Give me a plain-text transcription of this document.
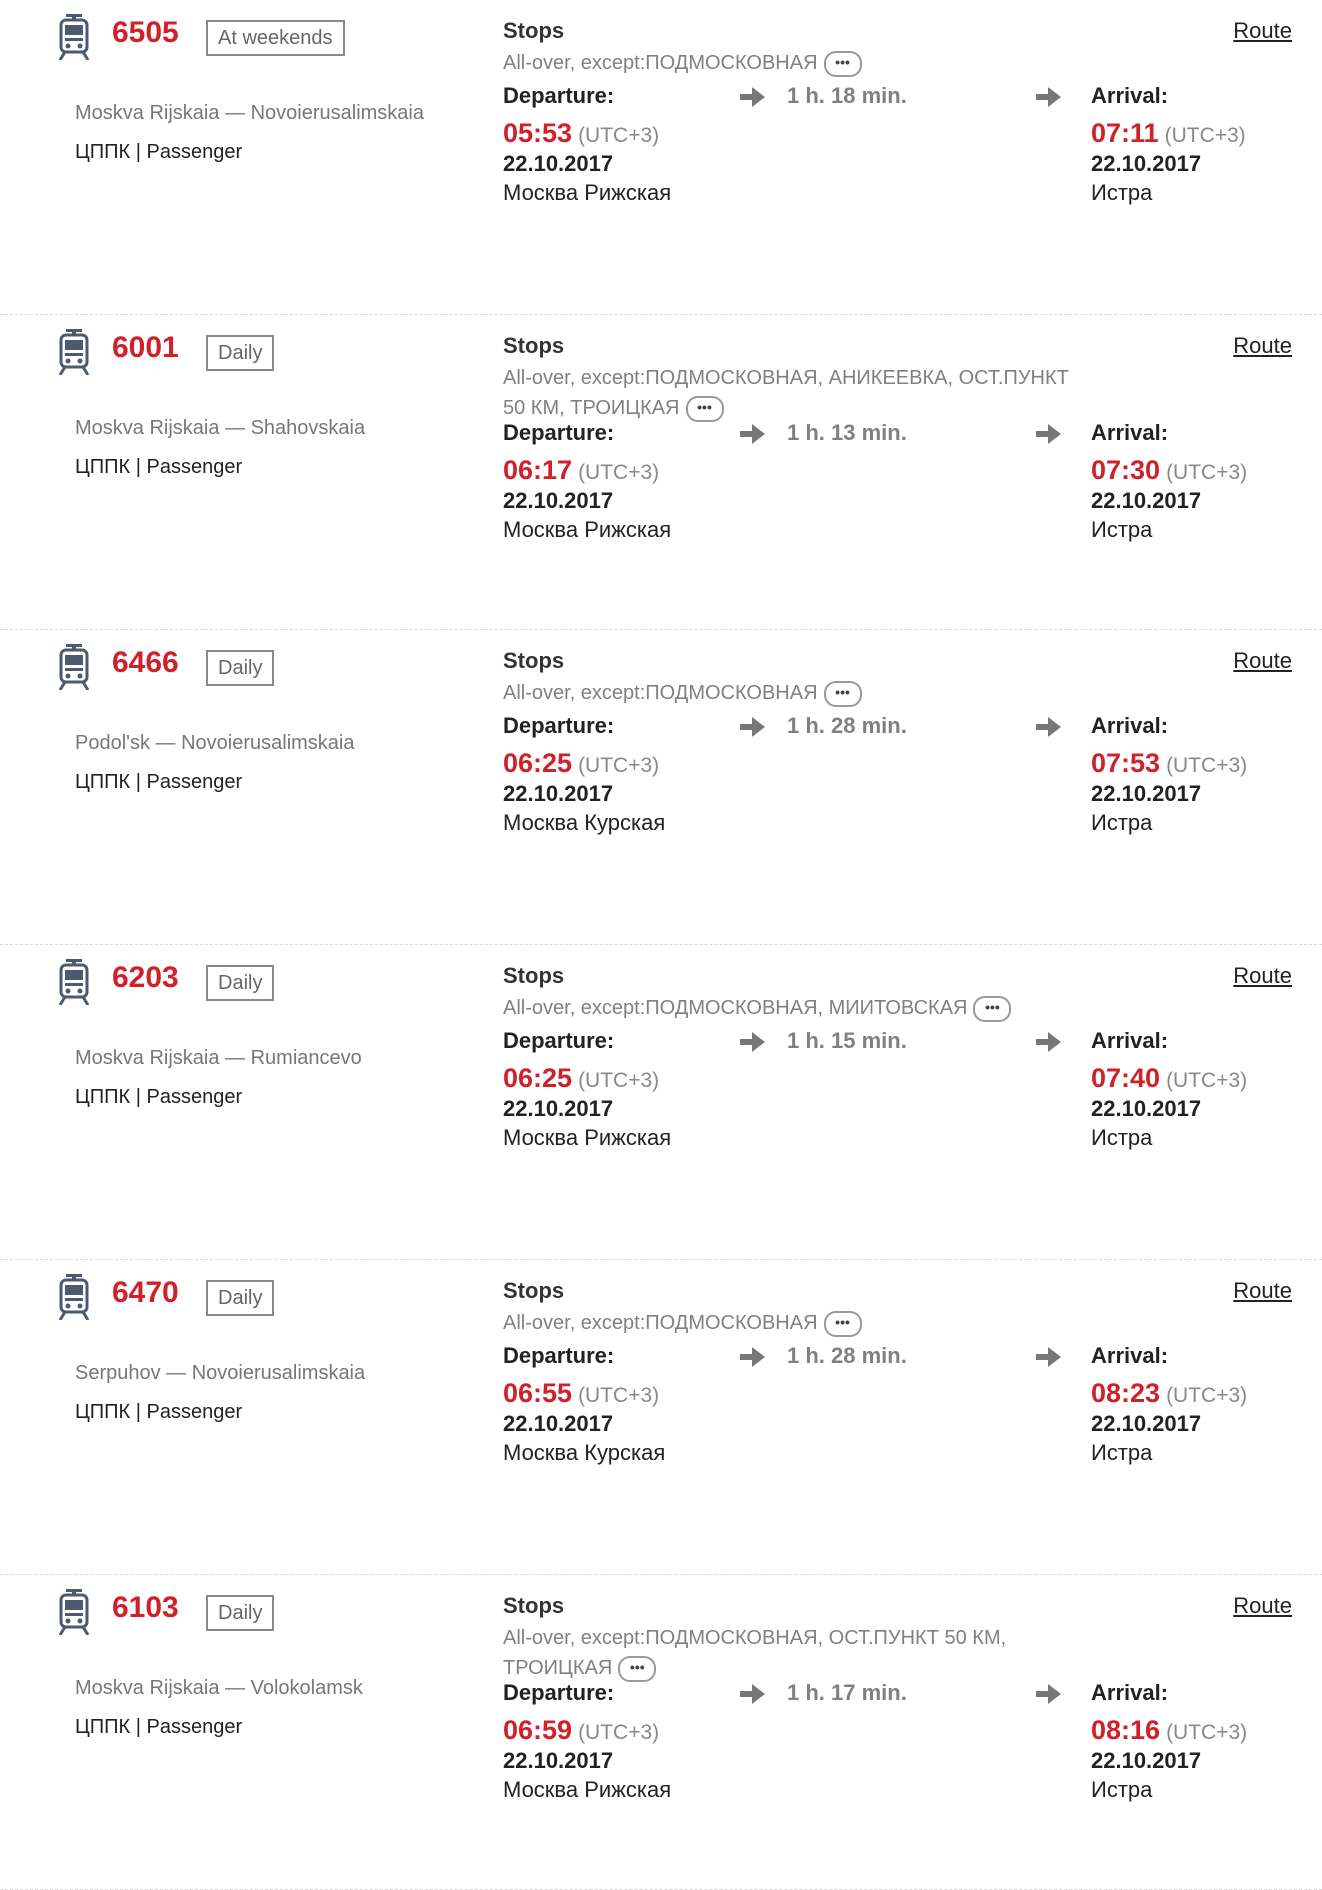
6505	At weekends
Moskva Rijskaia — Novoierusalimskaia
ЦППК | Passenger
Stops
All-over, except:ПОДМОСКОВНАЯ •••
Route
Departure:	1 h. 18 min.	Arrival:
05:53 (UTC+3)	07:11 (UTC+3)
22.10.2017	22.10.2017
Москва Рижская	Истра
6001	Daily
Moskva Rijskaia — Shahovskaia
ЦППК | Passenger
Stops
All-over, except:ПОДМОСКОВНАЯ, АНИКЕЕВКА, ОСТ.ПУНКТ 50 КМ, ТРОИЦКАЯ •••
Route
Departure:	1 h. 13 min.	Arrival:
06:17 (UTC+3)	07:30 (UTC+3)
22.10.2017	22.10.2017
Москва Рижская	Истра
6466	Daily
Podol'sk — Novoierusalimskaia
ЦППК | Passenger
Stops
All-over, except:ПОДМОСКОВНАЯ •••
Route
Departure:	1 h. 28 min.	Arrival:
06:25 (UTC+3)	07:53 (UTC+3)
22.10.2017	22.10.2017
Москва Курская	Истра
6203	Daily
Moskva Rijskaia — Rumiancevo
ЦППК | Passenger
Stops
All-over, except:ПОДМОСКОВНАЯ, МИИТОВСКАЯ •••
Route
Departure:	1 h. 15 min.	Arrival:
06:25 (UTC+3)	07:40 (UTC+3)
22.10.2017	22.10.2017
Москва Рижская	Истра
6470	Daily
Serpuhov — Novoierusalimskaia
ЦППК | Passenger
Stops
All-over, except:ПОДМОСКОВНАЯ •••
Route
Departure:	1 h. 28 min.	Arrival:
06:55 (UTC+3)	08:23 (UTC+3)
22.10.2017	22.10.2017
Москва Курская	Истра
6103	Daily
Moskva Rijskaia — Volokolamsk
ЦППК | Passenger
Stops
All-over, except:ПОДМОСКОВНАЯ, ОСТ.ПУНКТ 50 КМ, ТРОИЦКАЯ •••
Route
Departure:	1 h. 17 min.	Arrival:
06:59 (UTC+3)	08:16 (UTC+3)
22.10.2017	22.10.2017
Москва Рижская	Истра
